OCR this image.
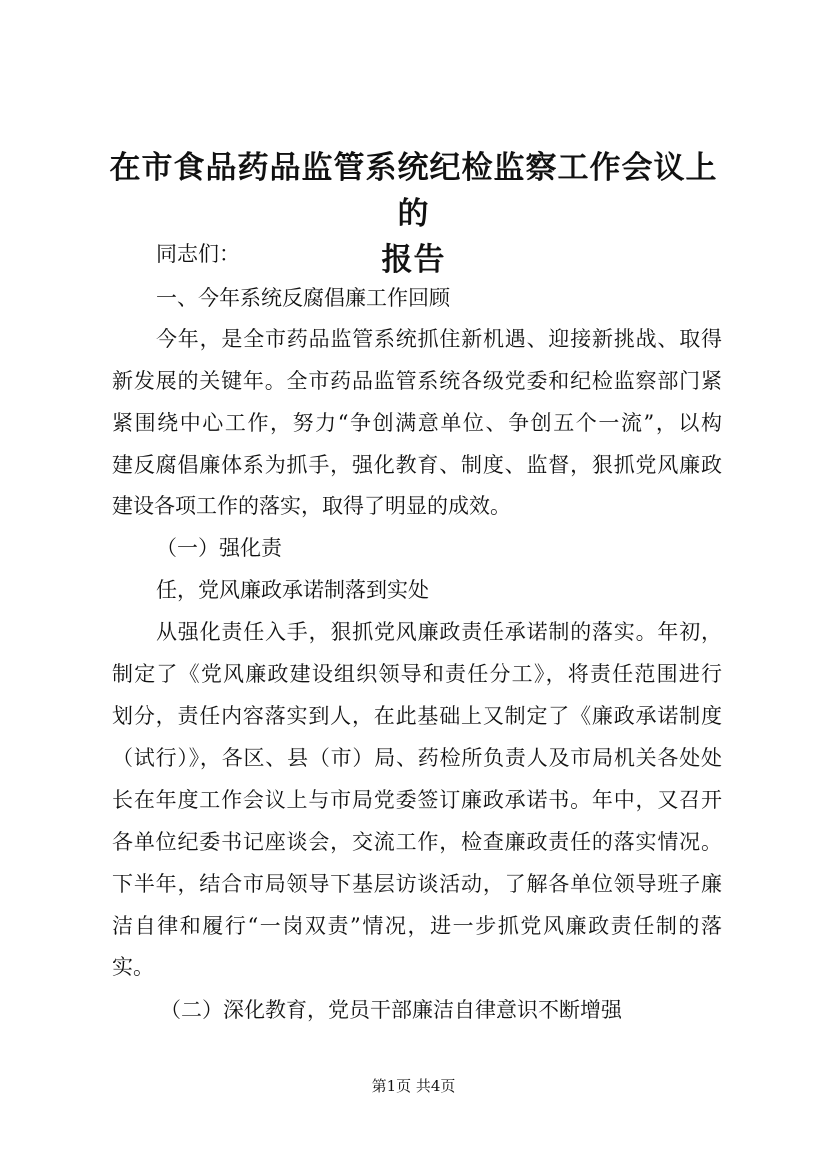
在市食品药品监管系统纪检监察工作会议上的
报告
同志们：
一、今年系统反腐倡廉工作回顾
今年，是全市药品监管系统抓住新机遇、迎接新挑战、取得
新发展的关键年。全市药品监管系统各级党委和纪检监察部门紧
紧围绕中心工作，努力“争创满意单位、争创五个一流”，以构
建反腐倡廉体系为抓手，强化教育、制度、监督，狠抓党风廉政
建设各项工作的落实，取得了明显的成效。
（一）强化责
任，党风廉政承诺制落到实处
从强化责任入手，狠抓党风廉政责任承诺制的落实。年初，
制定了《党风廉政建设组织领导和责任分工》，将责任范围进行
划分，责任内容落实到人，在此基础上又制定了《廉政承诺制度
（试行）》，各区、县（市）局、药检所负责人及市局机关各处处
长在年度工作会议上与市局党委签订廉政承诺书。年中，又召开
各单位纪委书记座谈会，交流工作，检查廉政责任的落实情况。
下半年，结合市局领导下基层访谈活动，了解各单位领导班子廉
洁自律和履行“一岗双责”情况，进一步抓党风廉政责任制的落
实。
（二）深化教育，党员干部廉洁自律意识不断增强
第1页 共4页
